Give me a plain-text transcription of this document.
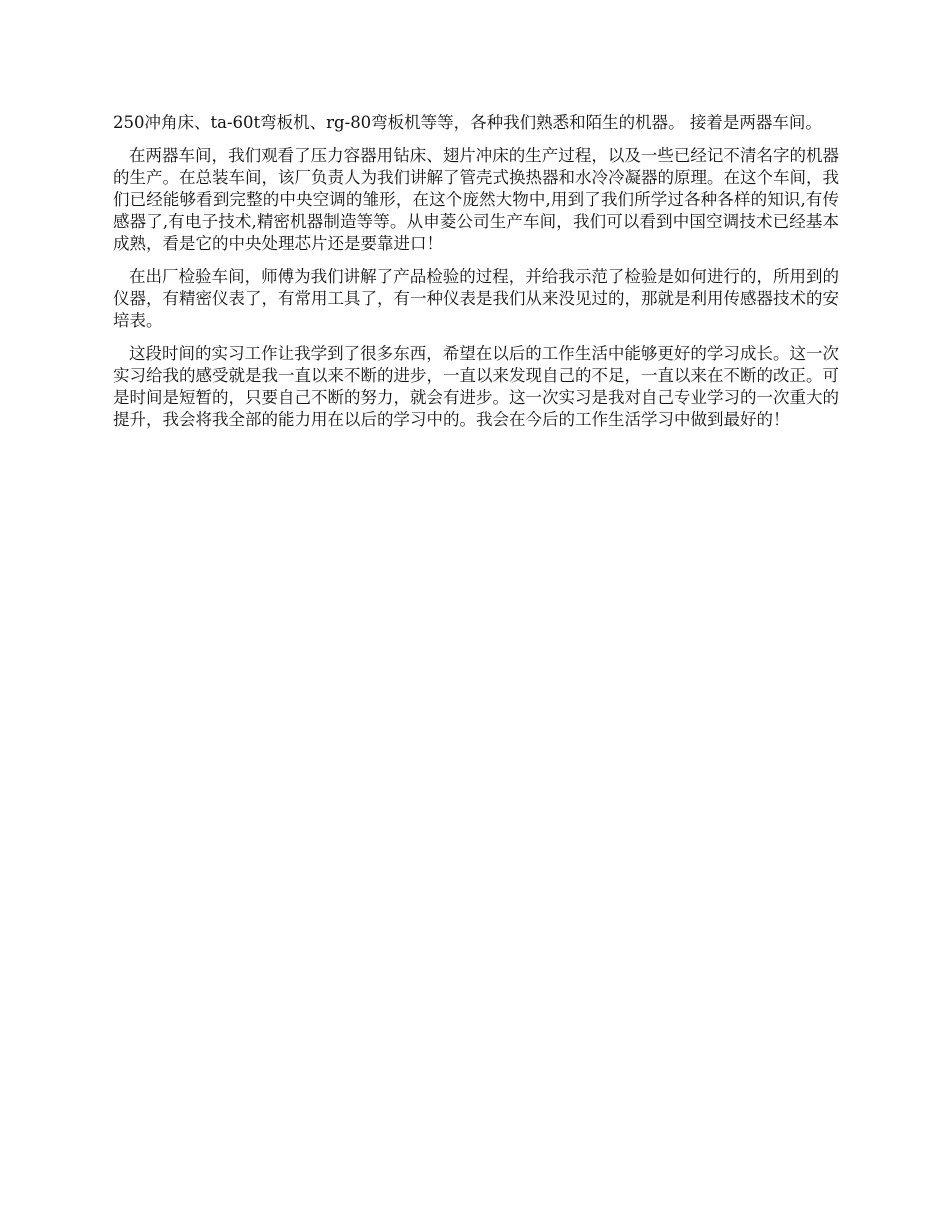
250冲角床、ta-60t弯板机、rg-80弯板机等等，各种我们熟悉和陌生的机器。 接着是两器车间。

在两器车间，我们观看了压力容器用钻床、翅片冲床的生产过程，以及一些已经记不清名字的机器的生产。在总装车间，该厂负责人为我们讲解了管壳式换热器和水冷冷凝器的原理。在这个车间，我们已经能够看到完整的中央空调的雏形，在这个庞然大物中,用到了我们所学过各种各样的知识,有传感器了,有电子技术,精密机器制造等等。从申菱公司生产车间，我们可以看到中国空调技术已经基本成熟，看是它的中央处理芯片还是要靠进口！

在出厂检验车间，师傅为我们讲解了产品检验的过程，并给我示范了检验是如何进行的，所用到的仪器，有精密仪表了，有常用工具了，有一种仪表是我们从来没见过的，那就是利用传感器技术的安培表。

这段时间的实习工作让我学到了很多东西，希望在以后的工作生活中能够更好的学习成长。这一次实习给我的感受就是我一直以来不断的进步，一直以来发现自己的不足，一直以来在不断的改正。可是时间是短暂的，只要自己不断的努力，就会有进步。这一次实习是我对自己专业学习的一次重大的提升，我会将我全部的能力用在以后的学习中的。我会在今后的工作生活学习中做到最好的！
